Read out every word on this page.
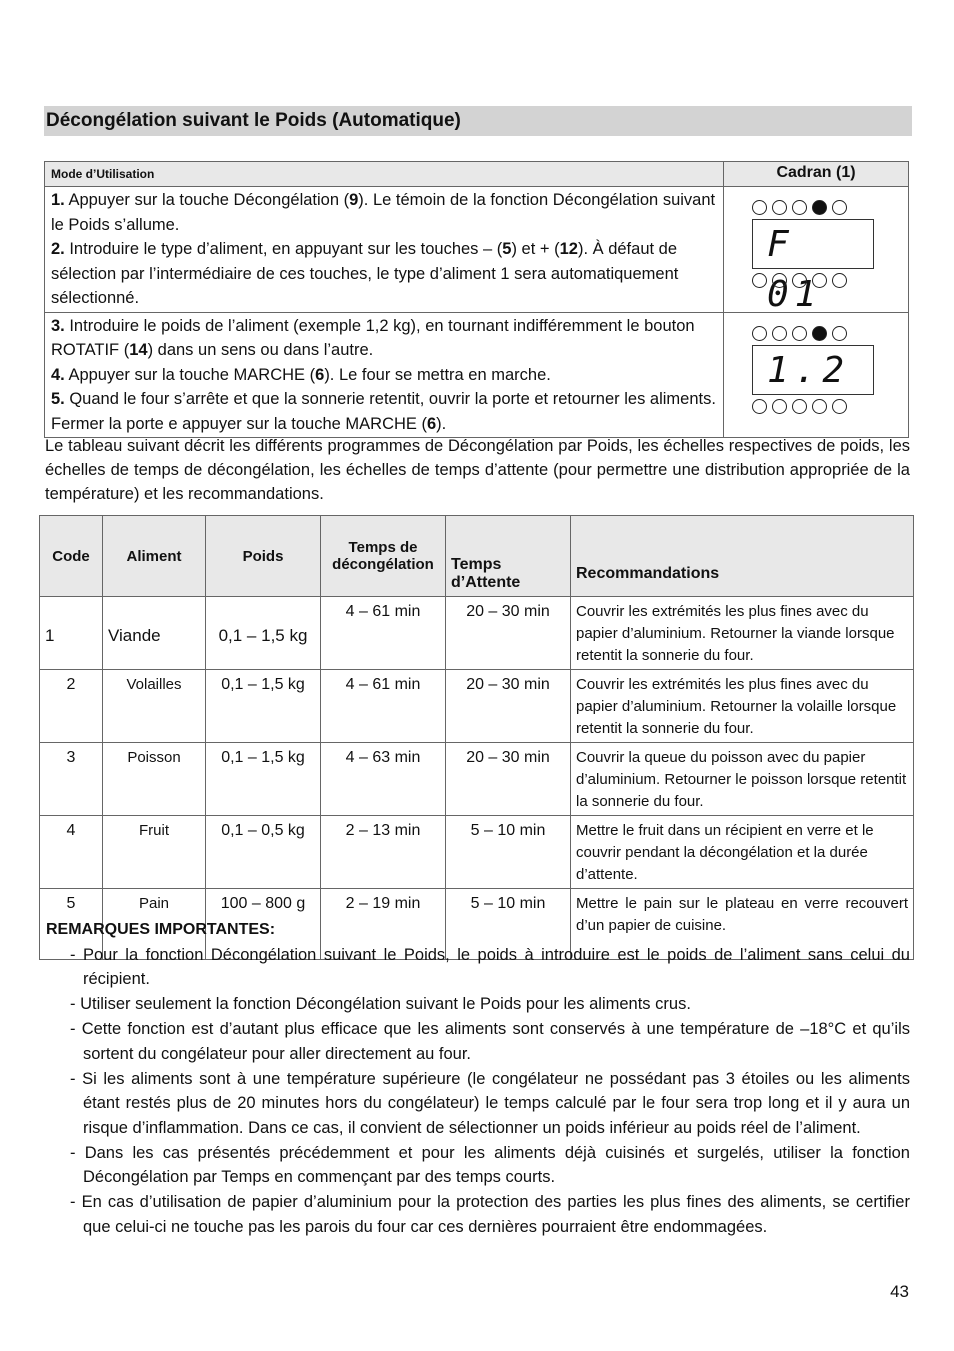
Décongélation suivant le Poids (Automatique)
Mode d’Utilisation	Cadran (1)

1. Appuyer sur la touche Décongélation (9). Le témoin de la fonction Décongélation suivant le Poids s’allume.

2. Introduire le type d’aliment, en appuyant sur les touches – (5) et + (12). À défaut de sélection par l’intermédiaire de ces touches, le type d’aliment 1 sera automatiquement sélectionné.	F 01

3. Introduire le poids de l’aliment (exemple 1,2 kg), en tournant indifféremment le bouton ROTATIF (14) dans un sens ou dans l’autre.

4. Appuyer sur la touche MARCHE (6). Le four se mettra en marche.

5. Quand le four s’arrête et que la sonnerie retentit, ouvrir la porte et retourner les aliments. Fermer la porte e appuyer sur la touche MARCHE (6).	1.2
Le tableau suivant décrit les différents programmes de Décongélation par Poids, les échelles respectives de poids, les échelles de temps de décongélation, les échelles de temps d’attente (pour permettre une distribution appropriée de la température) et les recommandations.
Code	Aliment	Poids	Temps de décongélation	Temps d’Attente	Recommandations
1	Viande	0,1 – 1,5 kg	4 – 61 min	20 – 30 min	Couvrir les extrémités les plus fines avec du papier d’aluminium. Retourner la viande lorsque retentit la sonnerie du four.
2	Volailles	0,1 – 1,5 kg	4 – 61 min	20 – 30 min	Couvrir les extrémités les plus fines avec du papier d’aluminium. Retourner la volaille lorsque retentit la sonnerie du four.
3	Poisson	0,1 – 1,5 kg	4 – 63 min	20 – 30 min	Couvrir la queue du poisson avec du papier d’aluminium. Retourner le poisson lorsque retentit la sonnerie du four.
4	Fruit	0,1 – 0,5 kg	2 – 13 min	5 – 10 min	Mettre le fruit dans un récipient en verre et le couvrir pendant la décongélation et la durée d’attente.
5	Pain	100 – 800 g	2 – 19 min	5 – 10 min	Mettre le pain sur le plateau en verre recouvert d’un papier de cuisine.
REMARQUES IMPORTANTES:
- Pour la fonction Décongélation suivant le Poids, le poids à introduire est le poids de l’aliment sans celui du récipient.
- Utiliser seulement la fonction Décongélation suivant le Poids pour les aliments crus.
- Cette fonction est d’autant plus efficace que les aliments sont conservés à une température de –18°C et qu’ils sortent du congélateur pour aller directement au four.
- Si les aliments sont à une température supérieure (le congélateur ne possédant pas 3 étoiles ou les aliments étant restés plus de 20 minutes hors du congélateur) le temps calculé par le four sera trop long et il y aura un risque d’inflammation. Dans ce cas, il convient de sélectionner un poids inférieur au poids réel de l’aliment.
- Dans les cas présentés précédemment et pour les aliments déjà cuisinés et surgelés, utiliser la fonction Décongélation par Temps en commençant par des temps courts.
- En cas d’utilisation de papier d’aluminium pour la protection des parties les plus fines des aliments, se certifier que celui-ci ne touche pas les parois du four car ces dernières pourraient être endommagées.
43
